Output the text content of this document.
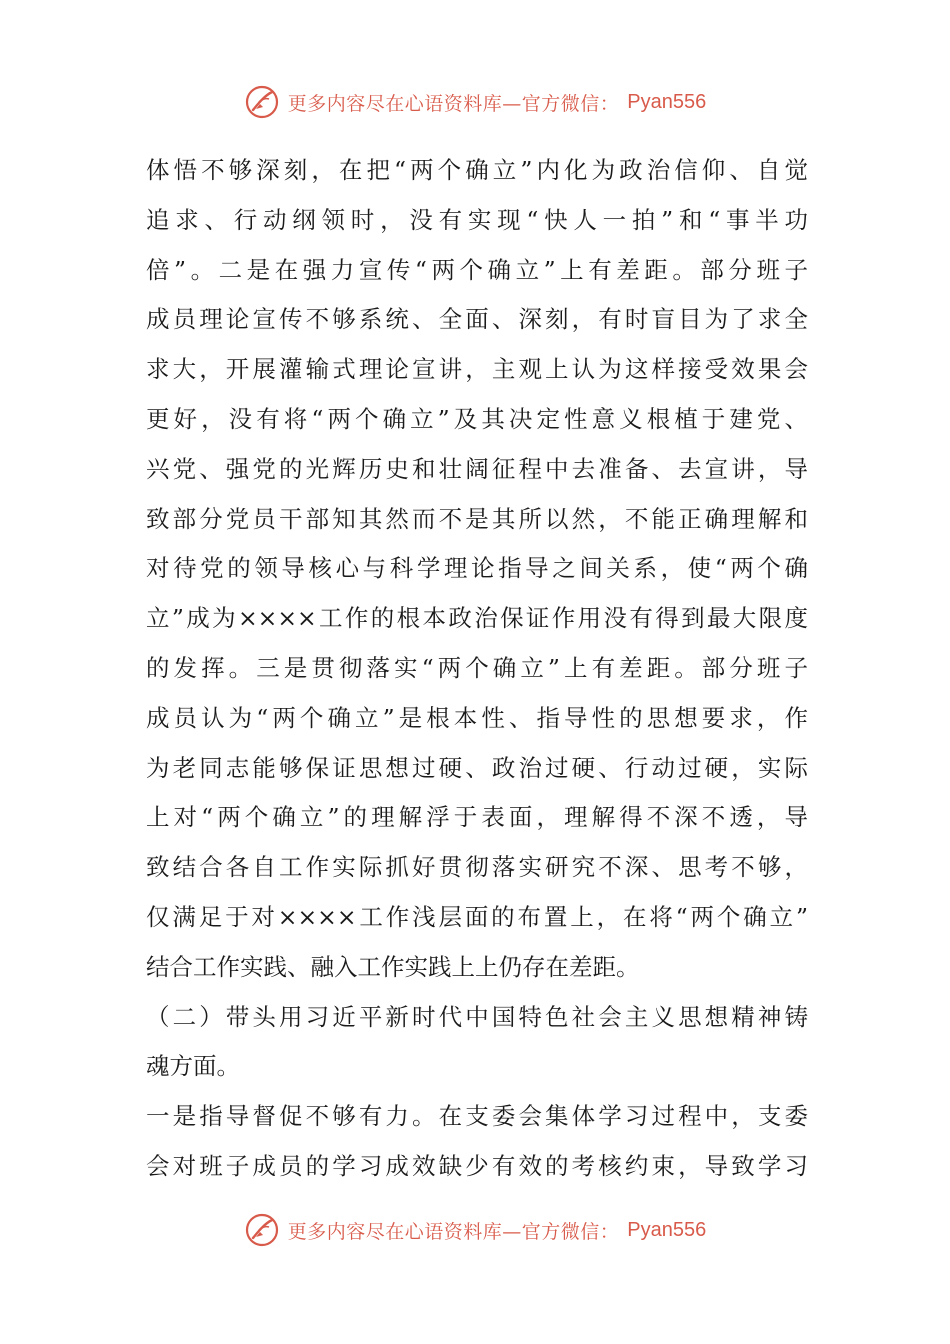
更多内容尽在心语资料库—官方微信： Pyan556
体悟不够深刻，在把“两个确立”内化为政治信仰、自觉
追求、行动纲领时，没有实现“快人一拍”和“事半功
倍”。二是在强力宣传“两个确立”上有差距。部分班子
成员理论宣传不够系统、全面、深刻，有时盲目为了求全
求大，开展灌输式理论宣讲，主观上认为这样接受效果会
更好，没有将“两个确立”及其决定性意义根植于建党、
兴党、强党的光辉历史和壮阔征程中去准备、去宣讲，导
致部分党员干部知其然而不是其所以然，不能正确理解和
对待党的领导核心与科学理论指导之间关系，使“两个确
立”成为××××工作的根本政治保证作用没有得到最大限度
的发挥。三是贯彻落实“两个确立”上有差距。部分班子
成员认为“两个确立”是根本性、指导性的思想要求，作
为老同志能够保证思想过硬、政治过硬、行动过硬，实际
上对“两个确立”的理解浮于表面，理解得不深不透，导
致结合各自工作实际抓好贯彻落实研究不深、思考不够，
仅满足于对××××工作浅层面的布置上，在将“两个确立”
结合工作实践、融入工作实践上上仍存在差距。
（二）带头用习近平新时代中国特色社会主义思想精神铸
魂方面。
一是指导督促不够有力。在支委会集体学习过程中，支委
会对班子成员的学习成效缺少有效的考核约束，导致学习
更多内容尽在心语资料库—官方微信： Pyan556
